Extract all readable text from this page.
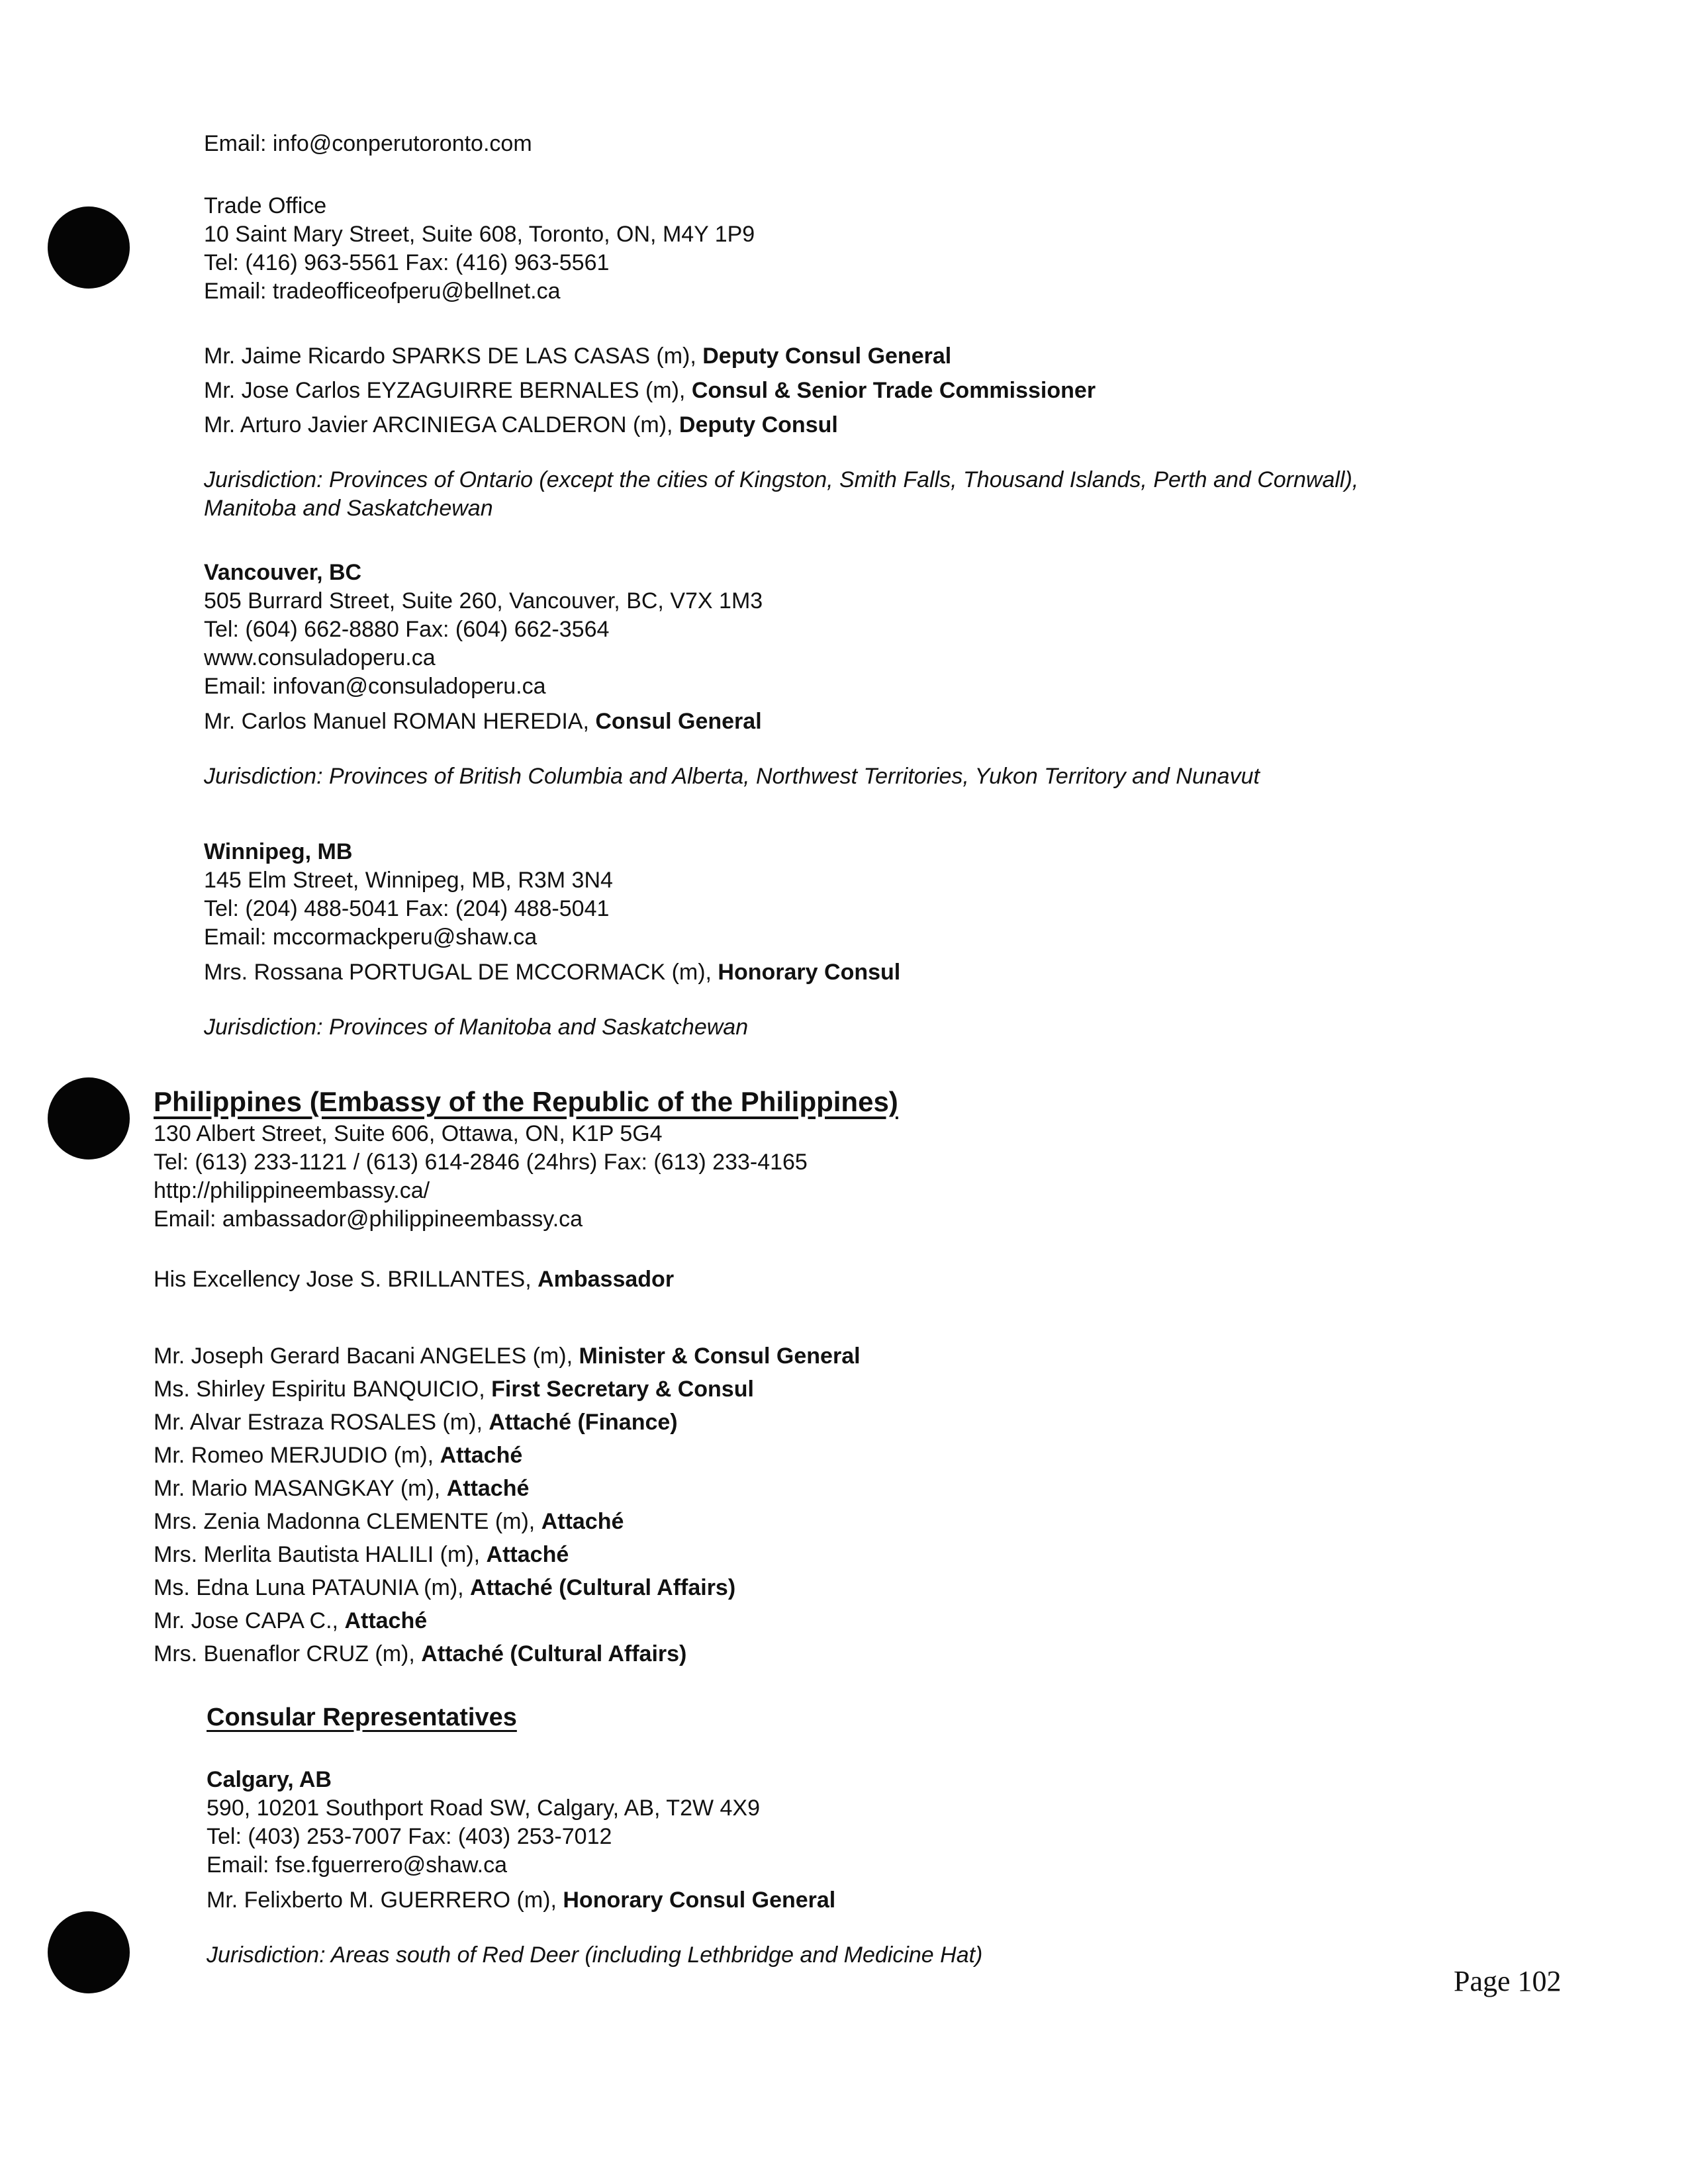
Email: info@conperutoronto.com
Trade Office
10 Saint Mary Street, Suite 608, Toronto, ON, M4Y 1P9
Tel: (416) 963-5561 Fax: (416) 963-5561
Email: tradeofficeofperu@bellnet.ca
Mr. Jaime Ricardo SPARKS DE LAS CASAS (m), Deputy Consul General
Mr. Jose Carlos EYZAGUIRRE BERNALES (m), Consul & Senior Trade Commissioner
Mr. Arturo Javier ARCINIEGA CALDERON (m), Deputy Consul
Jurisdiction: Provinces of Ontario (except the cities of Kingston, Smith Falls, Thousand Islands, Perth and Cornwall),
Manitoba and Saskatchewan
Vancouver, BC
505 Burrard Street, Suite 260, Vancouver, BC, V7X 1M3
Tel: (604) 662-8880 Fax: (604) 662-3564
www.consuladoperu.ca
Email: infovan@consuladoperu.ca
Mr. Carlos Manuel ROMAN HEREDIA, Consul General
Jurisdiction: Provinces of British Columbia and Alberta, Northwest Territories, Yukon Territory and Nunavut
Winnipeg, MB
145 Elm Street, Winnipeg, MB, R3M 3N4
Tel: (204) 488-5041 Fax: (204) 488-5041
Email: mccormackperu@shaw.ca
Mrs. Rossana PORTUGAL DE MCCORMACK (m), Honorary Consul
Jurisdiction: Provinces of Manitoba and Saskatchewan
Philippines (Embassy of the Republic of the Philippines)
130 Albert Street, Suite 606, Ottawa, ON, K1P 5G4
Tel: (613) 233-1121 / (613) 614-2846 (24hrs) Fax: (613) 233-4165
http://philippineembassy.ca/
Email: ambassador@philippineembassy.ca
His Excellency Jose S. BRILLANTES, Ambassador
Mr. Joseph Gerard Bacani ANGELES (m), Minister & Consul General
Ms. Shirley Espiritu BANQUICIO, First Secretary & Consul
Mr. Alvar Estraza ROSALES (m), Attaché (Finance)
Mr. Romeo MERJUDIO (m), Attaché
Mr. Mario MASANGKAY (m), Attaché
Mrs. Zenia Madonna CLEMENTE (m), Attaché
Mrs. Merlita Bautista HALILI (m), Attaché
Ms. Edna Luna PATAUNIA (m), Attaché (Cultural Affairs)
Mr. Jose CAPA C., Attaché
Mrs. Buenaflor CRUZ (m), Attaché (Cultural Affairs)
Consular Representatives
Calgary, AB
590, 10201 Southport Road SW, Calgary, AB, T2W 4X9
Tel: (403) 253-7007 Fax: (403) 253-7012
Email: fse.fguerrero@shaw.ca
Mr. Felixberto M. GUERRERO (m), Honorary Consul General
Jurisdiction: Areas south of Red Deer (including Lethbridge and Medicine Hat)
Page 102
